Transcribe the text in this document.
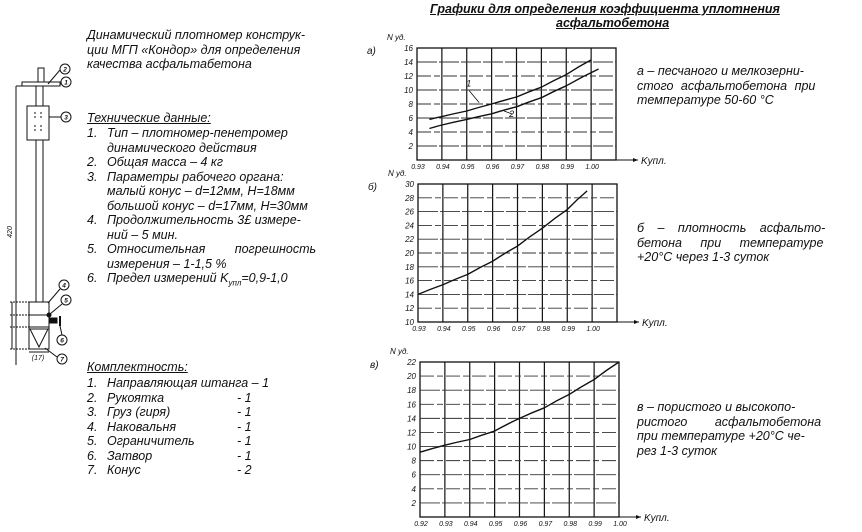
2
1
3
4
5
6
7
420
(17)
Динамический плотномер конструк-
ции МГП «Кондор» для определения
качества асфальтабетона
Технические данные:
1. Тип – плотномер-пенетромер
динамического действия
2. Общая масса – 4 кг
3. Параметры рабочего органа:
малый конус – d=12мм, H=18мм
большой конус – d=17мм, H=30мм
4. Продолжительность 3£ измере-
ний – 5 мин.
5. Относительная погрешность
измерения – 1-1,5 %
6. Предел измерений $K_{упл}=0,9-1,0$
Комплектность:
1. Направляющая штанга – 1
2. Рукоятка	- 1
3. Груз (гиря)	- 1
4. Наковальня	- 1
5. Ограничитель	- 1
6. Затвор	- 1
7. Конус	- 2
Графики для определения коэффициента уплотнения
асфальтобетона
а – песчаного и мелкозерни-
стого асфальтобетона при
температуре 50-60 °C
б – плотность асфальто-
бетона при температуре
+20°C через 1-3 суток
в – пористого и высокопо-
ристого асфальтобетона
при температуре +20°C че-
рез 1-3 суток
2
4
6
8
10
12
14
16
0.93 0.94 0.95 0.96 0.97 0.98 0.99 1.00
Kупл.
N уд.
а)
1
2
10
12
14
16
18
20
22
24
26
28
30
0.93 0.94 0.95 0.96 0.97 0.98 0.99 1.00
Kупл.
N уд.
б)
2
4
6
8
10
12
14
16
18
20
22
0.92 0.93 0.94 0.95 0.96 0.97 0.98 0.99 1.00
Kупл.
N уд.
в)
